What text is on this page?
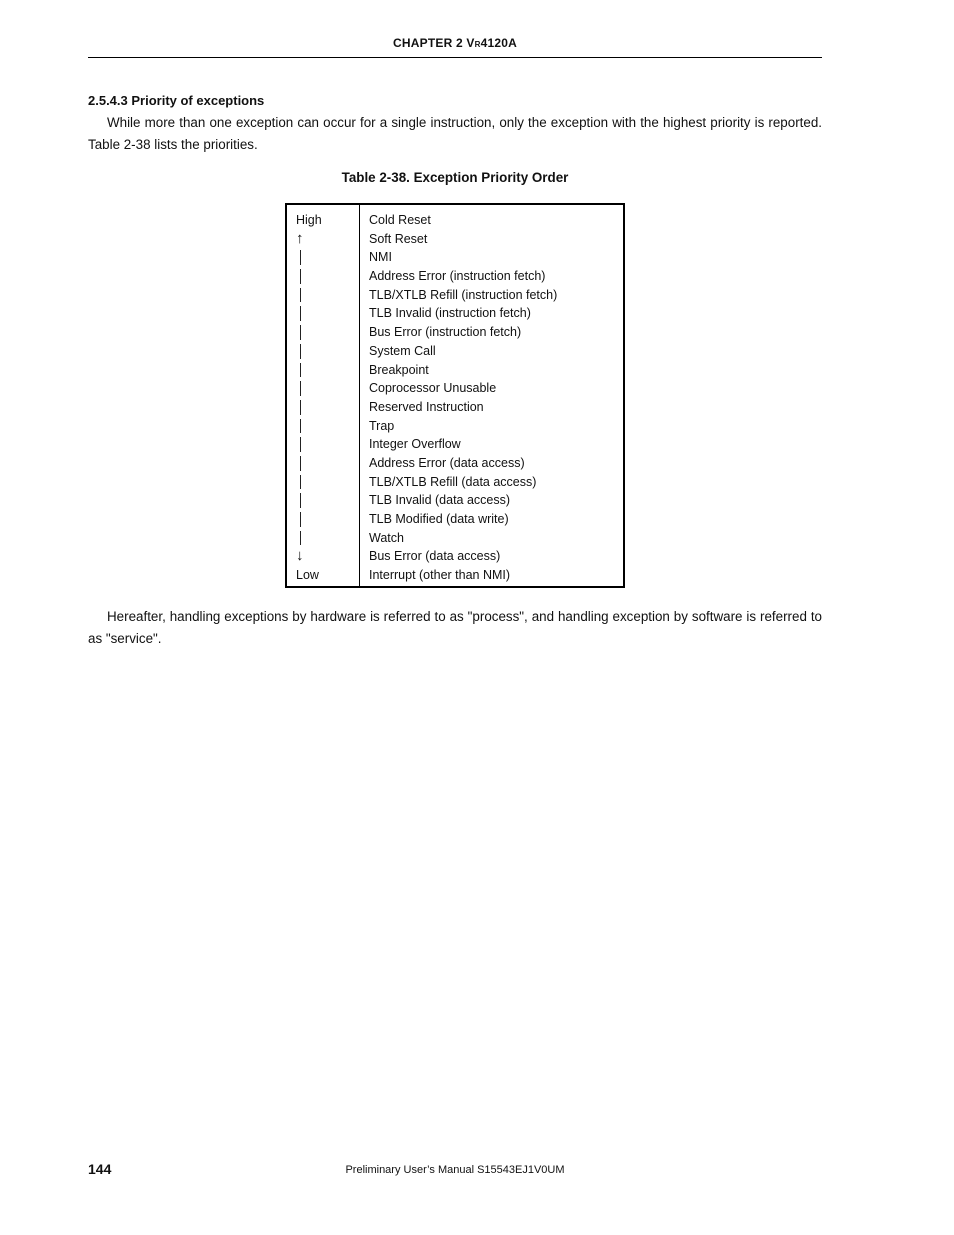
CHAPTER 2 VR4120A
2.5.4.3 Priority of exceptions
While more than one exception can occur for a single instruction, only the exception with the highest priority is reported. Table 2-38 lists the priorities.
Table 2-38. Exception Priority Order
High
↑
↓
Low
Cold Reset
Soft Reset
NMI
Address Error (instruction fetch)
TLB/XTLB Refill (instruction fetch)
TLB Invalid (instruction fetch)
Bus Error (instruction fetch)
System Call
Breakpoint
Coprocessor Unusable
Reserved Instruction
Trap
Integer Overflow
Address Error (data access)
TLB/XTLB Refill (data access)
TLB Invalid (data access)
TLB Modified (data write)
Watch
Bus Error (data access)
Interrupt (other than NMI)
Hereafter, handling exceptions by hardware is referred to as "process", and handling exception by software is referred to as "service".
144	Preliminary User’s Manual S15543EJ1V0UM
